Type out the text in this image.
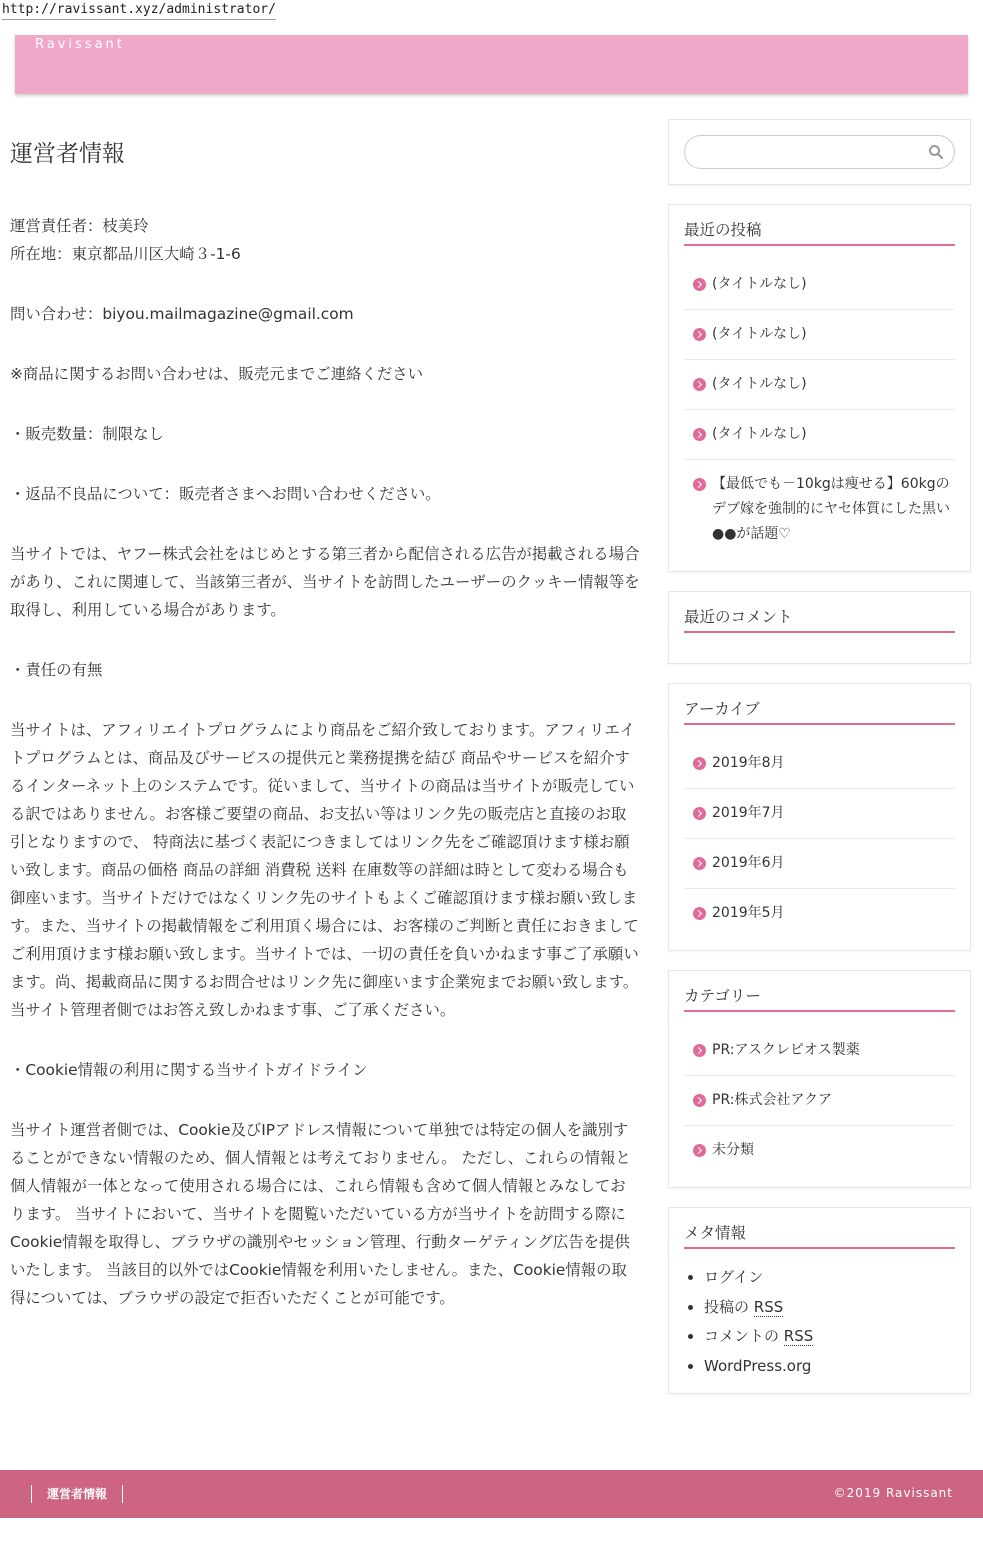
http://ravissant.xyz/administrator/
Ravissant
運営者情報

運営責任者：枝美玲
所在地：東京都品川区大崎３-1-6

問い合わせ：biyou.mailmagazine@gmail.com

※商品に関するお問い合わせは、販売元までご連絡ください

・販売数量：制限なし

・返品不良品について：販売者さまへお問い合わせください。

当サイトでは、ヤフー株式会社をはじめとする第三者から配信される広告が掲載される場合があり、これに関連して、当該第三者が、当サイトを訪問したユーザーのクッキー情報等を取得し、利用している場合があります。

・責任の有無

当サイトは、アフィリエイトプログラムにより商品をご紹介致しております。アフィリエイトプログラムとは、商品及びサービスの提供元と業務提携を結び 商品やサービスを紹介するインターネット上のシステムです。従いまして、当サイトの商品は当サイトが販売している訳ではありません。お客様ご要望の商品、お支払い等はリンク先の販売店と直接のお取引となりますので、 特商法に基づく表記につきましてはリンク先をご確認頂けます様お願い致します。商品の価格 商品の詳細 消費税 送料 在庫数等の詳細は時として変わる場合も御座います。当サイトだけではなくリンク先のサイトもよくご確認頂けます様お願い致します。また、当サイトの掲載情報をご利用頂く場合には、お客様のご判断と責任におきましてご利用頂けます様お願い致します。当サイトでは、一切の責任を負いかねます事ご了承願います。尚、掲載商品に関するお問合せはリンク先に御座います企業宛までお願い致します。当サイト管理者側ではお答え致しかねます事、ご了承ください。

・Cookie情報の利用に関する当サイトガイドライン

当サイト運営者側では、Cookie及びIPアドレス情報について単独では特定の個人を識別することができない情報のため、個人情報とは考えておりません。 ただし、これらの情報と個人情報が一体となって使用される場合には、これら情報も含めて個人情報とみなしております。 当サイトにおいて、当サイトを閲覧いただいている方が当サイトを訪問する際にCookie情報を取得し、ブラウザの識別やセッション管理、行動ターゲティング広告を提供いたします。 当該目的以外ではCookie情報を利用いたしません。また、Cookie情報の取得については、ブラウザの設定で拒否いただくことが可能です。

最近の投稿
(タイトルなし)
(タイトルなし)
(タイトルなし)
(タイトルなし)
【最低でも－10kgは痩せる】60kgのデブ嫁を強制的にヤセ体質にした黒い●●が話題♡
最近のコメント
アーカイブ
2019年8月
2019年7月
2019年6月
2019年5月
カテゴリー
PR:アスクレピオス製薬
PR:株式会社アクア
未分類
メタ情報
• ログイン
• 投稿の RSS
• コメントの RSS
• WordPress.org
運営者情報	©2019 Ravissant
